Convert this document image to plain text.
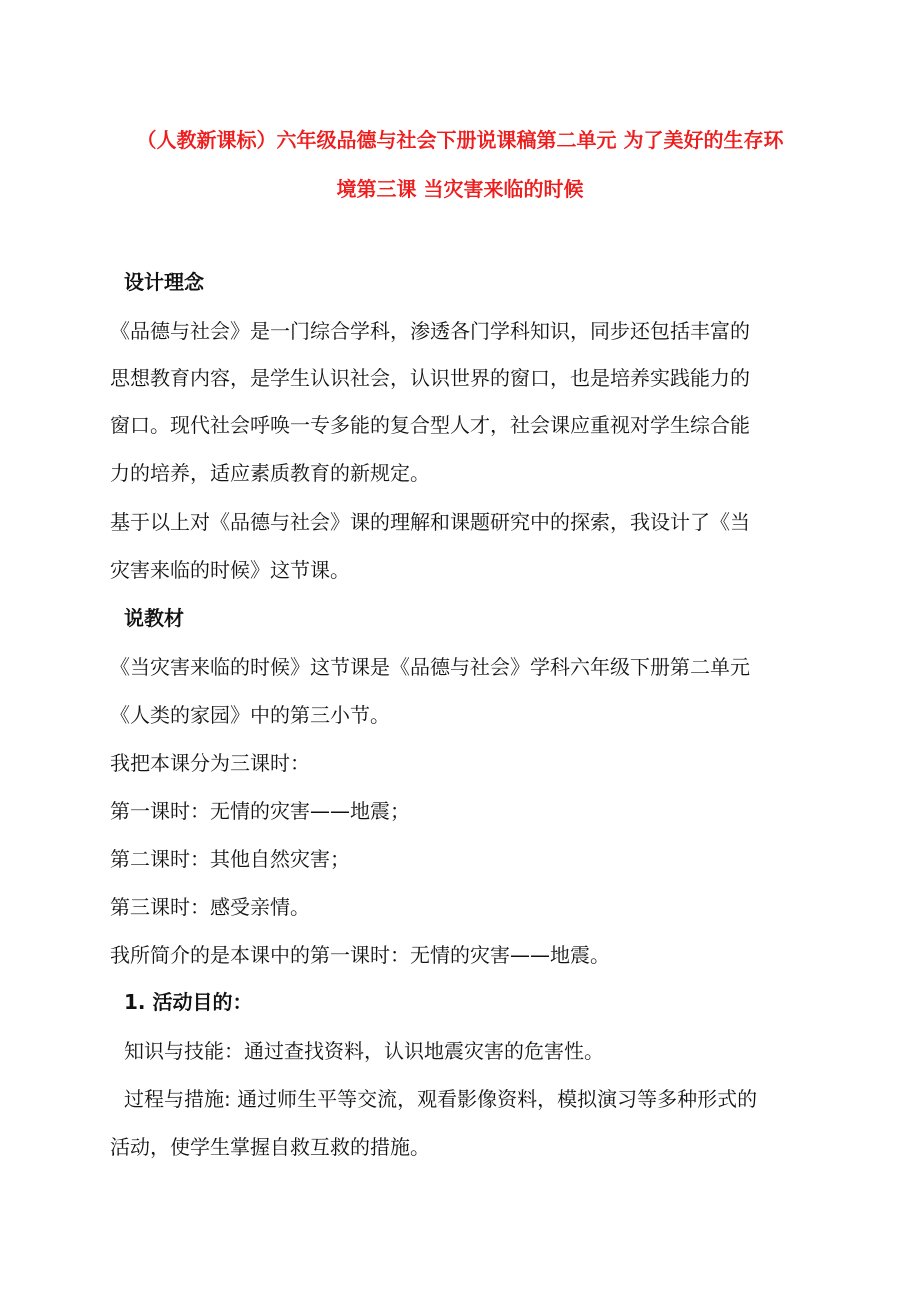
（人教新课标）六年级品德与社会下册说课稿第二单元 为了美好的生存环
境第三课 当灾害来临的时候
设计理念
《品德与社会》是一门综合学科，渗透各门学科知识，同步还包括丰富的
思想教育内容，是学生认识社会，认识世界的窗口，也是培养实践能力的
窗口。现代社会呼唤一专多能的复合型人才，社会课应重视对学生综合能
力的培养，适应素质教育的新规定。
基于以上对《品德与社会》课的理解和课题研究中的探索，我设计了《当
灾害来临的时候》这节课。
说教材
《当灾害来临的时候》这节课是《品德与社会》学科六年级下册第二单元
《人类的家园》中的第三小节。
我把本课分为三课时：
第一课时：无情的灾害——地震；
第二课时：其他自然灾害；
第三课时：感受亲情。
我所简介的是本课中的第一课时：无情的灾害——地震。
1. 活动目的：
知识与技能：通过查找资料，认识地震灾害的危害性。
过程与措施: 通过师生平等交流，观看影像资料，模拟演习等多种形式的
活动，使学生掌握自救互救的措施。
